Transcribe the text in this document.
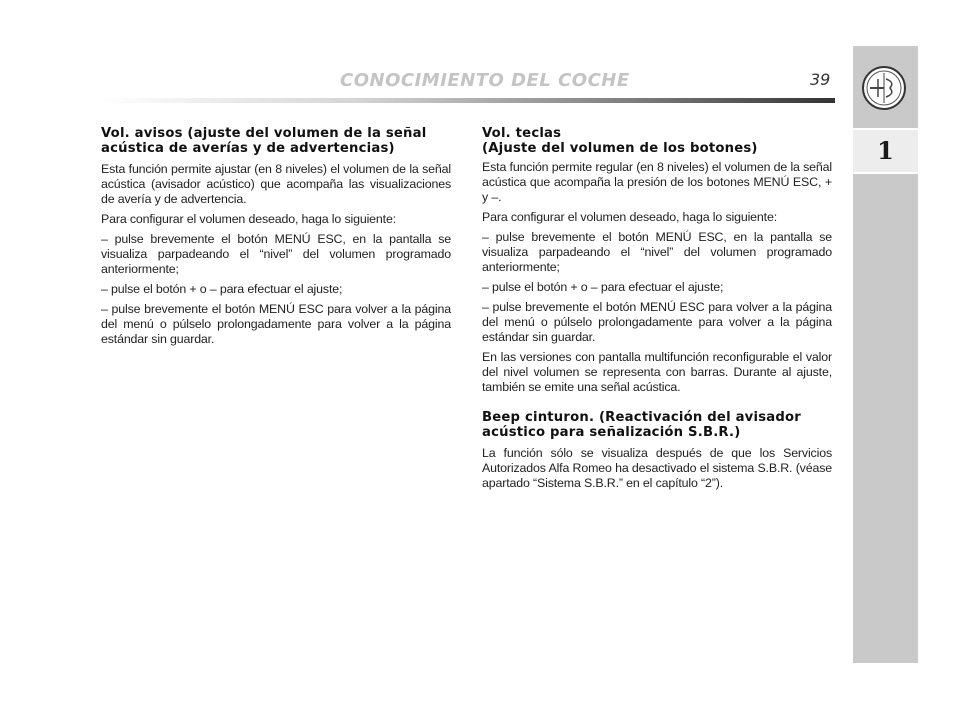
CONOCIMIENTO DEL COCHE	39
1
Vol. avisos (ajuste del volumen de la señal acústica de averías y de advertencias)

Esta función permite ajustar (en 8 niveles) el volumen de la señal acústica (avisador acústico) que acompaña las visualizaciones de avería y de advertencia.

Para configurar el volumen deseado, haga lo siguiente:

– pulse brevemente el botón MENÚ ESC, en la pantalla se visualiza parpadeando el “nivel” del volumen programado anteriormente;

– pulse el botón + o – para efectuar el ajuste;

– pulse brevemente el botón MENÚ ESC para volver a la página del menú o púlselo prolongadamente para volver a la página estándar sin guardar.

Vol. teclas
(Ajuste del volumen de los botones)

Esta función permite regular (en 8 niveles) el volumen de la señal acústica que acompaña la presión de los botones MENÚ ESC, + y –.

Para configurar el volumen deseado, haga lo siguiente:

– pulse brevemente el botón MENÚ ESC, en la pantalla se visualiza parpadeando el “nivel” del volumen programado anteriormente;

– pulse el botón + o – para efectuar el ajuste;

– pulse brevemente el botón MENÚ ESC para volver a la página del menú o púlselo prolongadamente para volver a la página estándar sin guardar.

En las versiones con pantalla multifunción reconfigurable el valor del nivel volumen se representa con barras. Durante al ajuste, también se emite una señal acústica.

Beep cinturon. (Reactivación del avisador acústico para señalización S.B.R.)

La función sólo se visualiza después de que los Servicios Autorizados Alfa Romeo ha desactivado el sistema S.B.R. (véase apartado “Sistema S.B.R.” en el capítulo “2”).
